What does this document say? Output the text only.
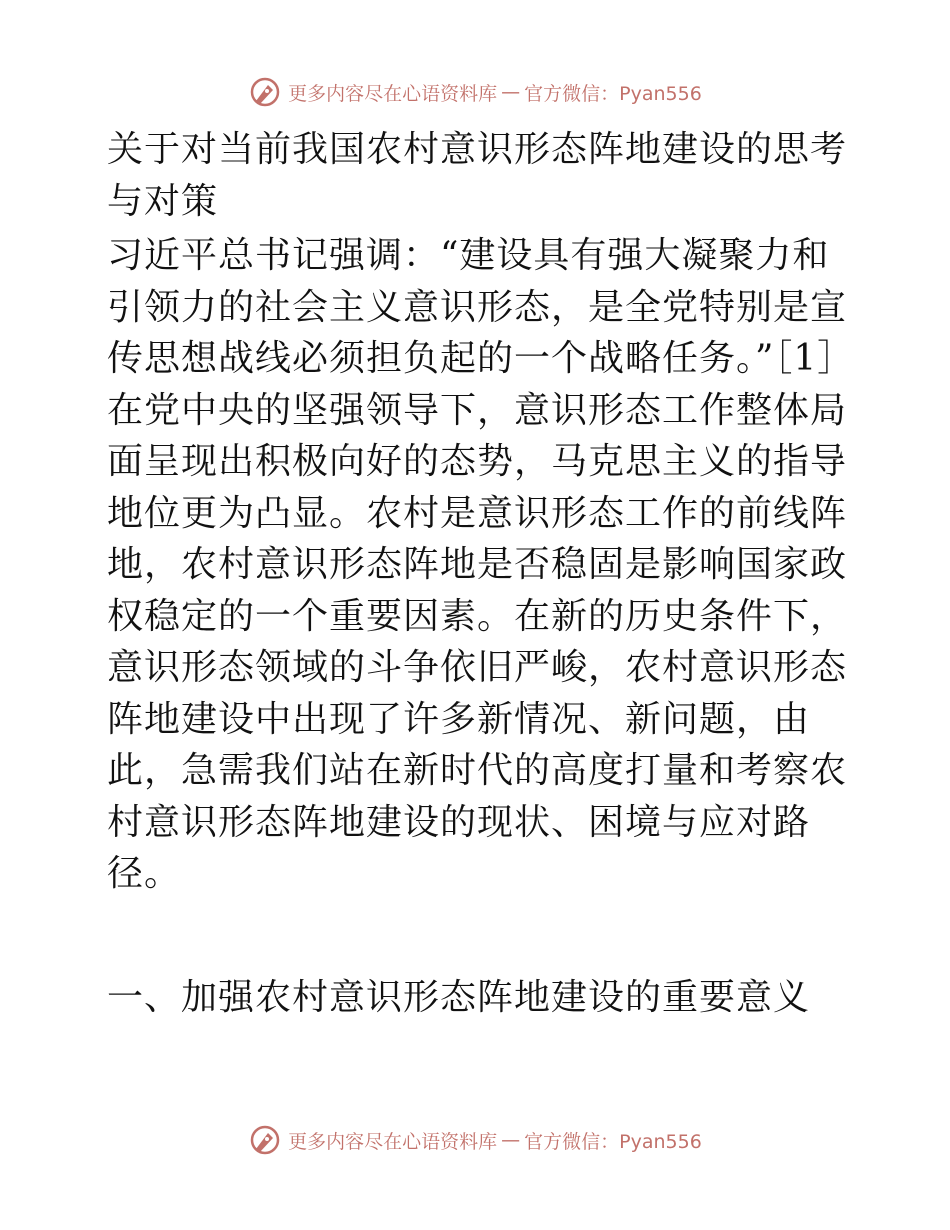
更多内容尽在心语资料库 — 官方微信：Pyan556

关于对当前我国农村意识形态阵地建设的思考与对策

习近平总书记强调：“建设具有强大凝聚力和引领力的社会主义意识形态，是全党特别是宣传思想战线必须担负起的一个战略任务。”［1］在党中央的坚强领导下，意识形态工作整体局面呈现出积极向好的态势，马克思主义的指导地位更为凸显。农村是意识形态工作的前线阵地，农村意识形态阵地是否稳固是影响国家政权稳定的一个重要因素。在新的历史条件下，意识形态领域的斗争依旧严峻，农村意识形态阵地建设中出现了许多新情况、新问题，由此，急需我们站在新时代的高度打量和考察农村意识形态阵地建设的现状、困境与应对路径。

一、加强农村意识形态阵地建设的重要意义

更多内容尽在心语资料库 — 官方微信：Pyan556
